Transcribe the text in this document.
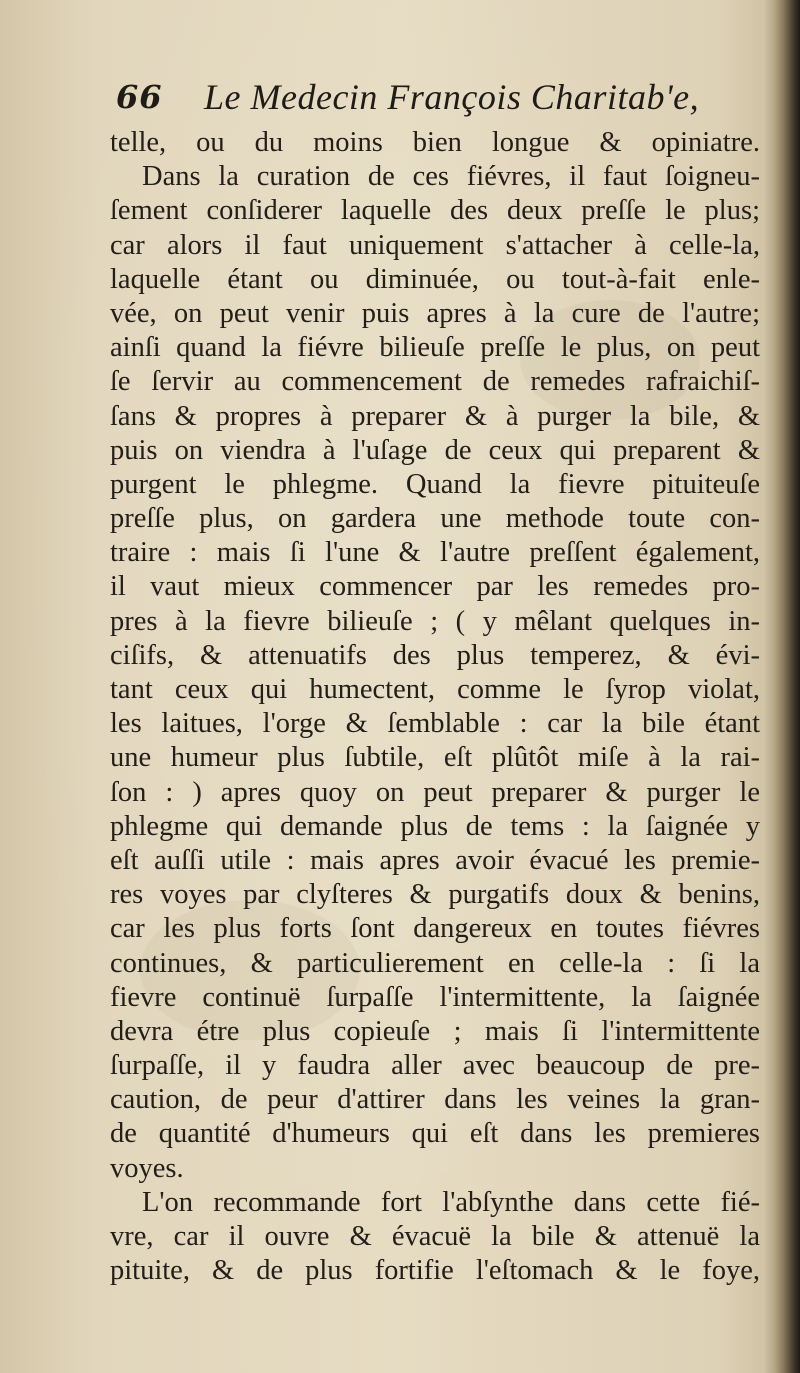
66 Le Medecin François Charitab'e,
telle, ou du moins bien longue & opiniatre.
Dans la curation de ces fiévres, il faut ſoigneu-
ſement conſiderer laquelle des deux preſſe le plus;
car alors il faut uniquement s'attacher à celle-la,
laquelle étant ou diminuée, ou tout-à-fait enle-
vée, on peut venir puis apres à la cure de l'autre;
ainſi quand la fiévre bilieuſe preſſe le plus, on peut
ſe ſervir au commencement de remedes rafraichiſ-
ſans & propres à preparer & à purger la bile, &
puis on viendra à l'uſage de ceux qui preparent &
purgent le phlegme. Quand la fievre pituiteuſe
preſſe plus, on gardera une methode toute con-
traire : mais ſi l'une & l'autre preſſent également,
il vaut mieux commencer par les remedes pro-
pres à la fievre bilieuſe ; ( y mêlant quelques in-
ciſifs, & attenuatifs des plus temperez, & évi-
tant ceux qui humectent, comme le ſyrop violat,
les laitues, l'orge & ſemblable : car la bile étant
une humeur plus ſubtile, eſt plûtôt miſe à la rai-
ſon : ) apres quoy on peut preparer & purger le
phlegme qui demande plus de tems : la ſaignée y
eſt auſſi utile : mais apres avoir évacué les premie-
res voyes par clyſteres & purgatifs doux & benins,
car les plus forts ſont dangereux en toutes fiévres
continues, & particulierement en celle-la : ſi la
fievre continuë ſurpaſſe l'intermittente, la ſaignée
devra étre plus copieuſe ; mais ſi l'intermittente
ſurpaſſe, il y faudra aller avec beaucoup de pre-
caution, de peur d'attirer dans les veines la gran-
de quantité d'humeurs qui eſt dans les premieres
voyes.
L'on recommande fort l'abſynthe dans cette fié-
vre, car il ouvre & évacuë la bile & attenuë la
pituite, & de plus fortifie l'eſtomach & le foye,
